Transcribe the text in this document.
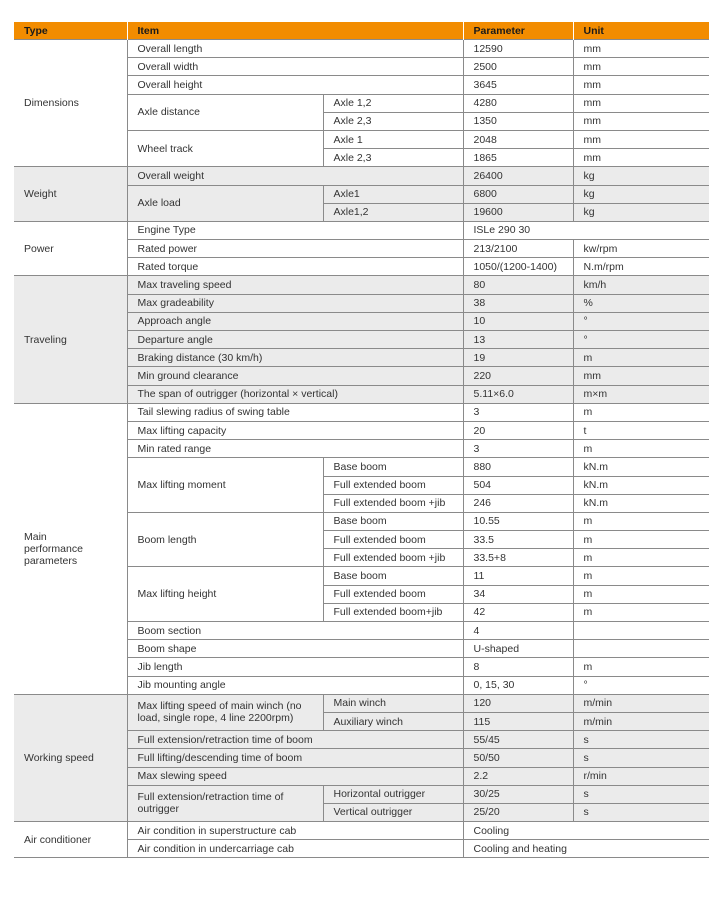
Type	Item		Parameter	Unit
Dimensions	Overall length		12590	mm
	Overall width		2500	mm
	Overall height		3645	mm
	Axle distance	Axle 1,2	4280	mm
		Axle 2,3	1350	mm
	Wheel track	Axle 1	2048	mm
		Axle 2,3	1865	mm
Weight	Overall weight		26400	kg
	Axle load	Axle1	6800	kg
		Axle1,2	19600	kg
Power	Engine Type		ISLe 290 30	
	Rated power		213/2100	kw/rpm
	Rated torque		1050/(1200-1400)	N.m/rpm
Traveling	Max traveling speed		80	km/h
	Max gradeability		38	%
	Approach angle		10	°
	Departure angle		13	°
	Braking distance (30 km/h)		19	m
	Min ground clearance		220	mm
	The span of outrigger (horizontal × vertical)		5.11×6.0	m×m
Main performance parameters	Tail slewing radius of swing table		3	m
	Max lifting capacity		20	t
	Min rated range		3	m
	Max lifting moment	Base boom	880	kN.m
		Full extended boom	504	kN.m
		Full extended boom +jib	246	kN.m
	Boom length	Base boom	10.55	m
		Full extended boom	33.5	m
		Full extended boom +jib	33.5+8	m
	Max lifting height	Base boom	11	m
		Full extended boom	34	m
		Full extended boom+jib	42	m
	Boom section		4	
	Boom shape		U-shaped	
	Jib length		8	m
	Jib mounting angle		0, 15, 30	°
Working speed	Max lifting speed of main winch (no load, single rope, 4 line 2200rpm)	Main winch	120	m/min
		Auxiliary winch	115	m/min
	Full extension/retraction time of boom		55/45	s
	Full lifting/descending time of boom		50/50	s
	Max slewing speed		2.2	r/min
	Full extension/retraction time of outrigger	Horizontal outrigger	30/25	s
		Vertical outrigger	25/20	s
Air conditioner	Air condition in superstructure cab		Cooling	
	Air condition in undercarriage cab		Cooling and heating	
